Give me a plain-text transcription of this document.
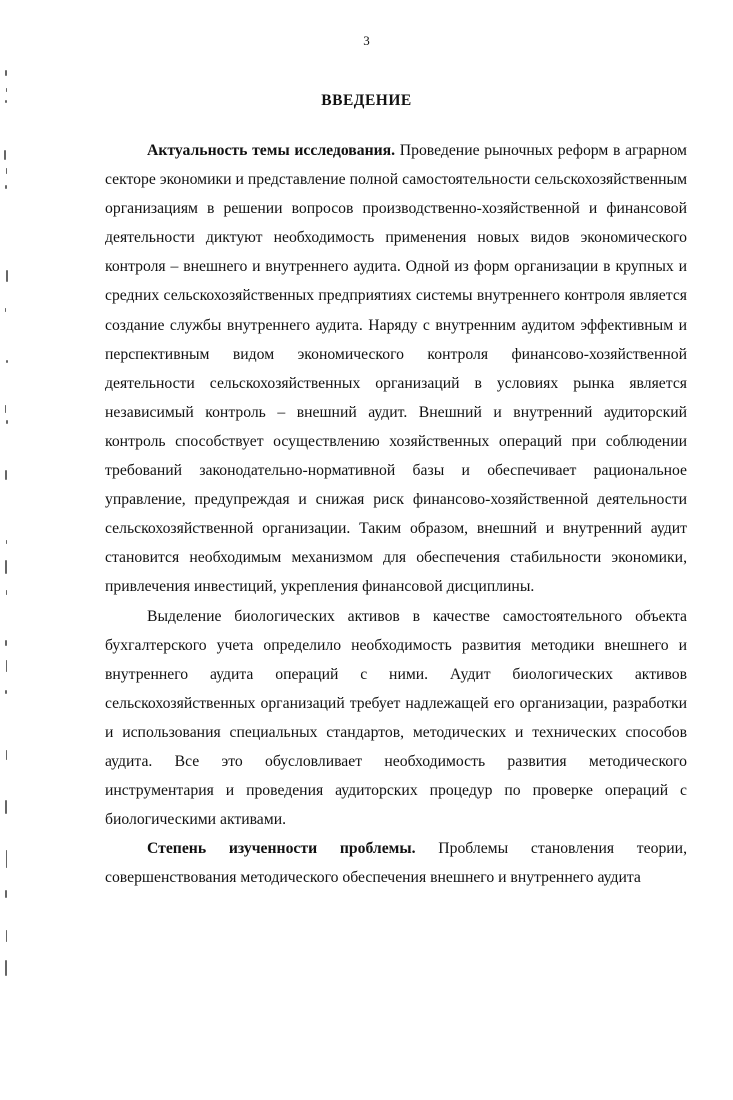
3
ВВЕДЕНИЕ

Актуальность темы исследования. Проведение рыночных реформ в аграрном секторе экономики и представление полной самостоятельности сельскохозяйственным организациям в решении вопросов производственно-хозяйственной и финансовой деятельности диктуют необходимость применения новых видов экономического контроля – внешнего и внутреннего аудита. Одной из форм организации в крупных и средних сельскохозяйственных предприятиях системы внутреннего контроля является создание службы внутреннего аудита. Наряду с внутренним аудитом эффективным и перспективным видом экономического контроля финансово-хозяйственной деятельности сельскохозяйственных организаций в условиях рынка является независимый контроль – внешний аудит. Внешний и внутренний аудиторский контроль способствует осуществлению хозяйственных операций при соблюдении требований законодательно-нормативной базы и обеспечивает рациональное управление, предупреждая и снижая риск финансово-хозяйственной деятельности сельскохозяйственной организации. Таким образом, внешний и внутренний аудит становится необходимым механизмом для обеспечения стабильности экономики, привлечения инвестиций, укрепления финансовой дисциплины.

Выделение биологических активов в качестве самостоятельного объекта бухгалтерского учета определило необходимость развития методики внешнего и внутреннего аудита операций с ними. Аудит биологических активов сельскохозяйственных организаций требует надлежащей его организации, разработки и использования специальных стандартов, методических и технических способов аудита. Все это обусловливает необходимость развития методического инструментария и проведения аудиторских процедур по проверке операций с биологическими активами.

Степень изученности проблемы. Проблемы становления теории, совершенствования методического обеспечения внешнего и внутреннего аудита
